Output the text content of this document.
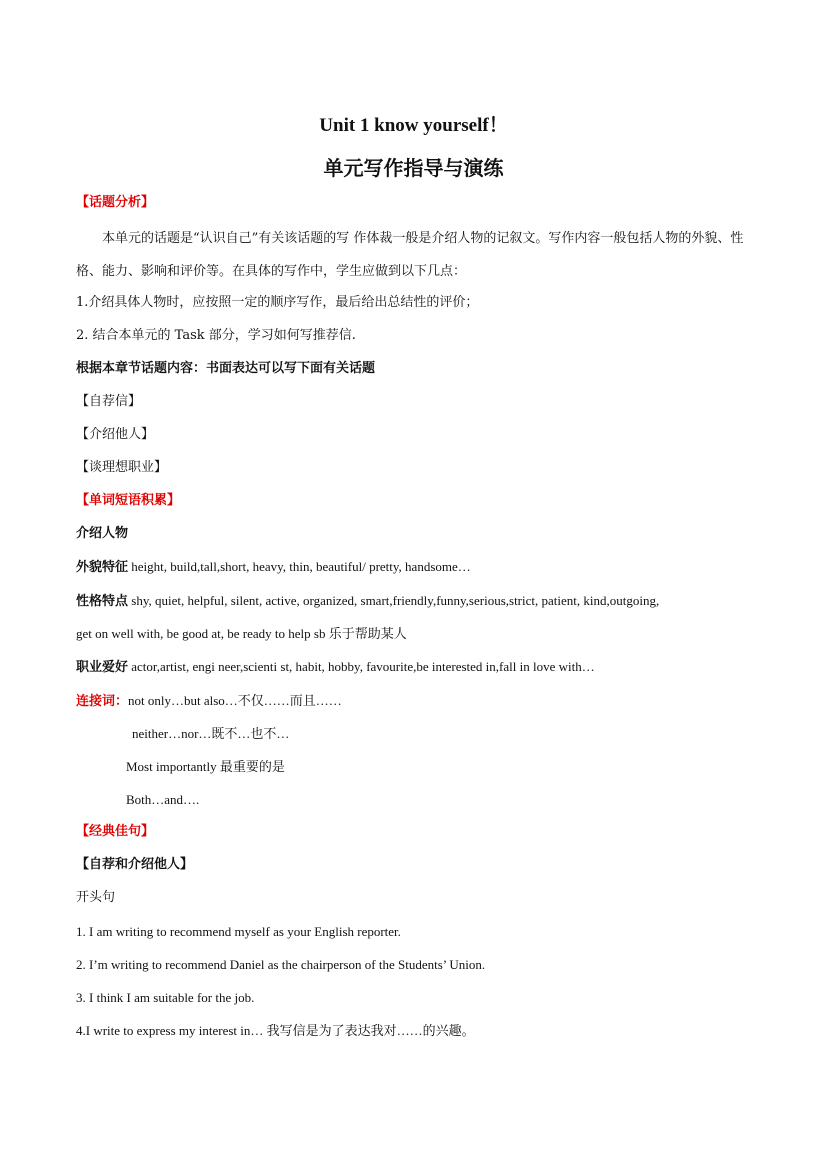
Unit 1 know yourself！
单元写作指导与演练
【话题分析】
本单元的话题是“认识自己”有关该话题的写 作体裁一般是介绍人物的记叙文。写作内容一般包括人物的外貌、性格、能力、影响和评价等。在具体的写作中，学生应做到以下几点：
1.介绍具体人物时，应按照一定的顺序写作，最后给出总结性的评价；
2. 结合本单元的 Task 部分，学习如何写推荐信.
根据本章节话题内容：书面表达可以写下面有关话题
【自荐信】
【介绍他人】
【谈理想职业】
【单词短语积累】
介绍人物
外貌特征 height, build,tall,short, heavy, thin, beautiful/ pretty, handsome…
性格特点 shy, quiet, helpful, silent, active, organized, smart,friendly,funny,serious,strict, patient, kind,outgoing,
get on well with, be good at, be ready to help sb 乐于帮助某人
职业爱好 actor,artist, engi neer,scienti st, habit, hobby, favourite,be interested in,fall in love with…
连接词：not only…but also…不仅……而且……
neither…nor…既不…也不…
Most importantly 最重要的是
Both…and….
【经典佳句】
【自荐和介绍他人】
开头句
1. I am writing to recommend myself as your English reporter.
2. I’m writing to recommend Daniel as the chairperson of the Students’ Union.
3. I think I am suitable for the job.
4.I write to express my interest in… 我写信是为了表达我对……的兴趣。
